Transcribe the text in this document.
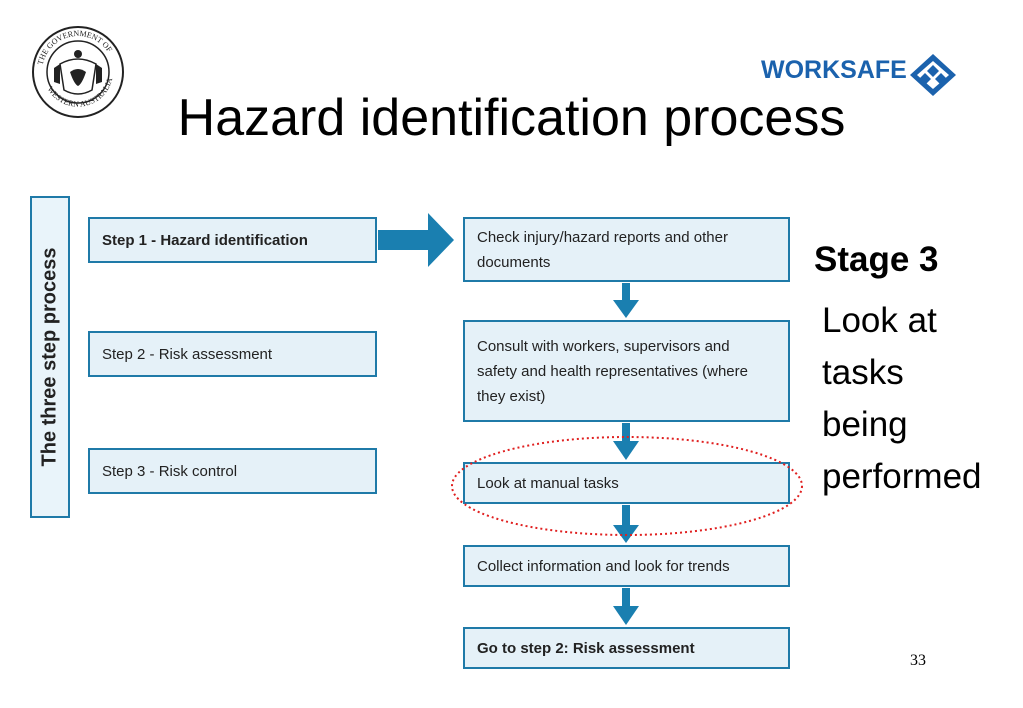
THE GOVERNMENT OF
WESTERN AUSTRALIA	WORKSAFE
Hazard identification process
The three step process
Step 1 - Hazard identification
Step 2 - Risk assessment
Step 3 - Risk control
Check injury/hazard reports and other documents
Consult with workers, supervisors and safety and health representatives (where they exist)
Look at manual tasks
Collect information and look for trends
Go to step 2: Risk assessment
Stage 3
Look at
tasks
being
performed
33
